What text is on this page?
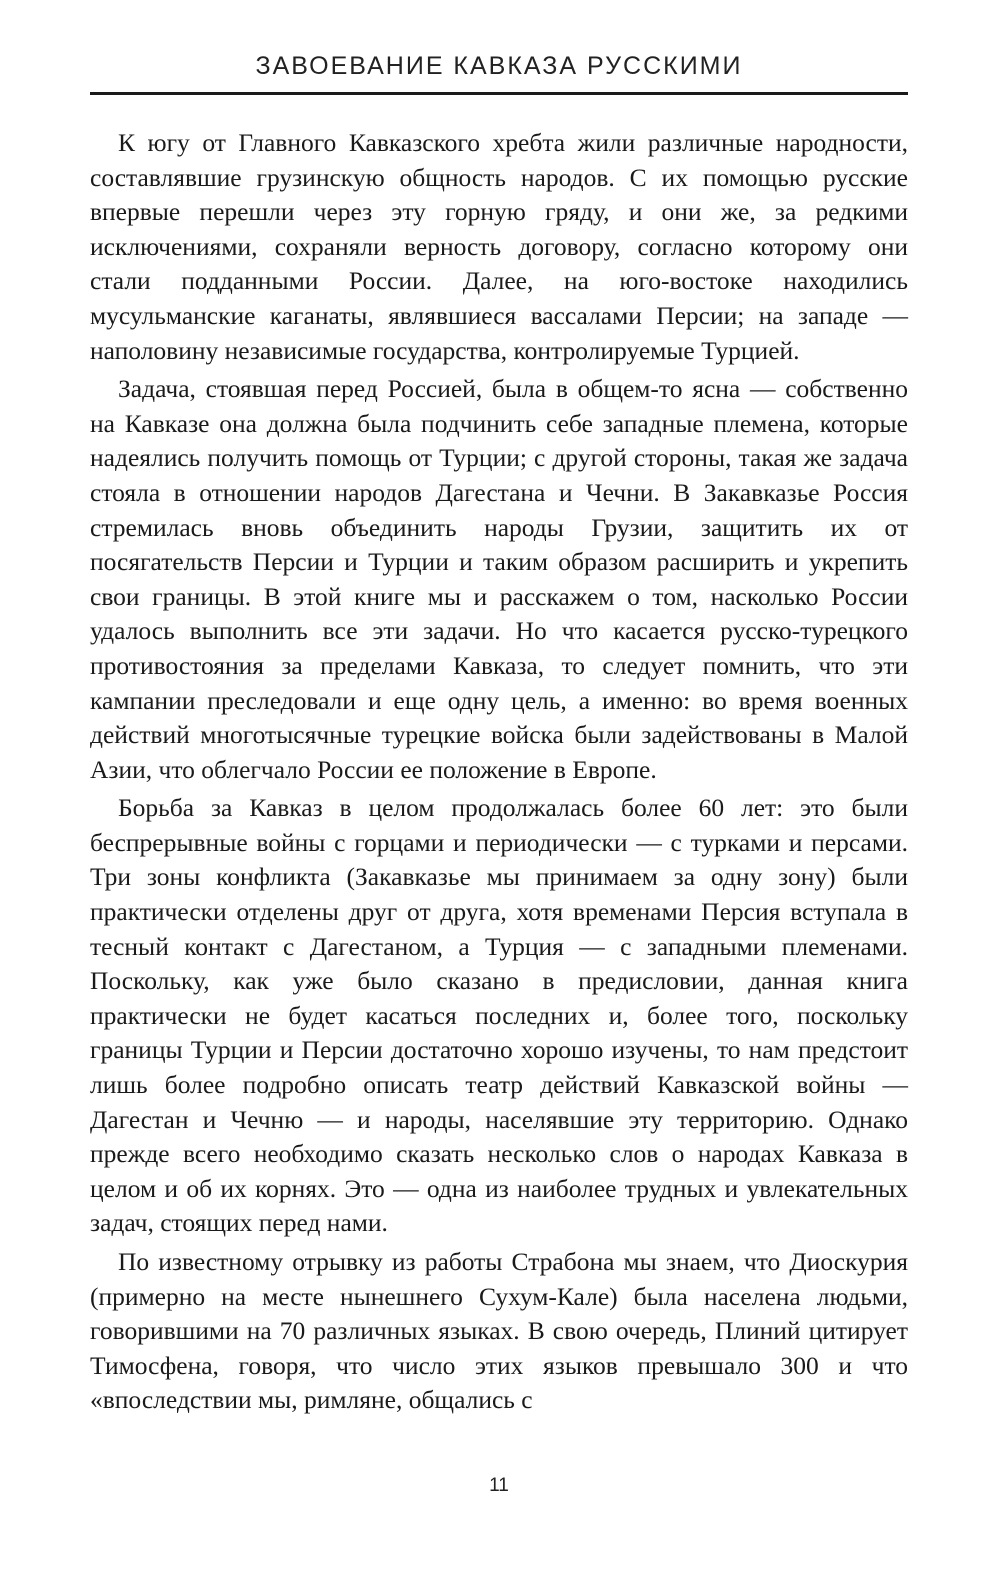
ЗАВОЕВАНИЕ КАВКАЗА РУССКИМИ

К югу от Главного Кавказского хребта жили различные народности, составлявшие грузинскую общность народов. С их помощью русские впервые перешли через эту горную гряду, и они же, за редкими исключениями, сохраняли верность договору, согласно которому они стали подданными России. Далее, на юго-востоке находились мусульманские каганаты, являвшиеся вассалами Персии; на западе — наполовину независимые государства, контролируемые Турцией.

Задача, стоявшая перед Россией, была в общем-то ясна — собственно на Кавказе она должна была подчинить себе западные племена, которые надеялись получить помощь от Турции; с другой стороны, такая же задача стояла в отношении народов Дагестана и Чечни. В Закавказье Россия стремилась вновь объединить народы Грузии, защитить их от посягательств Персии и Турции и таким образом расширить и укрепить свои границы. В этой книге мы и расскажем о том, насколько России удалось выполнить все эти задачи. Но что касается русско-турецкого противостояния за пределами Кавказа, то следует помнить, что эти кампании преследовали и еще одну цель, а именно: во время военных действий многотысячные турецкие войска были задействованы в Малой Азии, что облегчало России ее положение в Европе.

Борьба за Кавказ в целом продолжалась более 60 лет: это были беспрерывные войны с горцами и периодически — с турками и персами. Три зоны конфликта (Закавказье мы принимаем за одну зону) были практически отделены друг от друга, хотя временами Персия вступала в тесный контакт с Дагестаном, а Турция — с западными племенами. Поскольку, как уже было сказано в предисловии, данная книга практически не будет касаться последних и, более того, поскольку границы Турции и Персии достаточно хорошо изучены, то нам предстоит лишь более подробно описать театр действий Кавказской войны — Дагестан и Чечню — и народы, населявшие эту территорию. Однако прежде всего необходимо сказать несколько слов о народах Кавказа в целом и об их корнях. Это — одна из наиболее трудных и увлекательных задач, стоящих перед нами.

По известному отрывку из работы Страбона мы знаем, что Диоскурия (примерно на месте нынешнего Сухум-Кале) была населена людьми, говорившими на 70 различных языках. В свою очередь, Плиний цитирует Тимосфена, говоря, что число этих языков превышало 300 и что «впоследствии мы, римляне, общались с

11
